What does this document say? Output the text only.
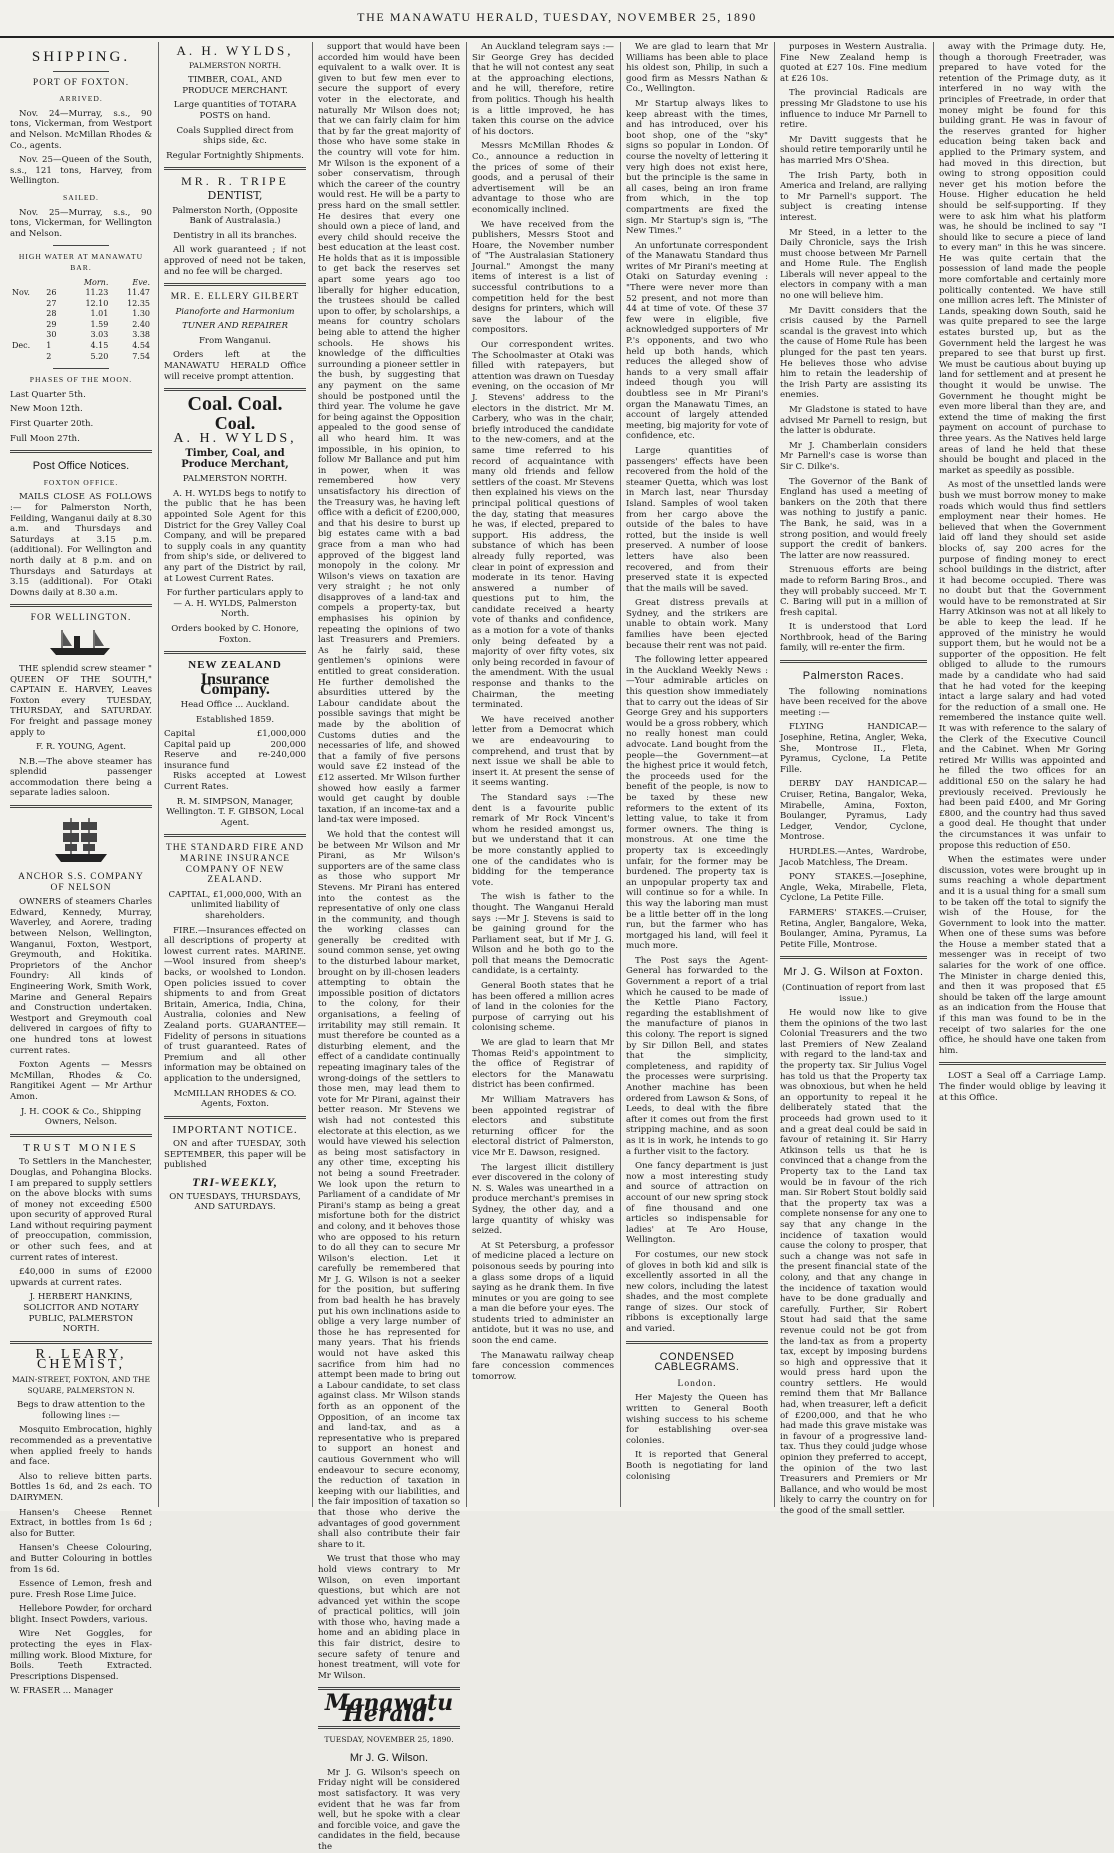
THE MANAWATU HERALD, TUESDAY, NOVEMBER 25, 1890
SHIPPING.
PORT OF FOXTON.
ARRIVED.

Nov. 24—Murray, s.s., 90 tons, Vickerman, from Westport and Nelson. McMillan Rhodes & Co., agents.

Nov. 25—Queen of the South, s.s., 121 tons, Harvey, from Wellington.

SAILED.

Nov. 25—Murray, s.s., 90 tons, Vickerman, for Wellington and Nelson.

HIGH WATER AT MANAWATU BAR.
		Morn.	Eve.
Nov.	26	11.23	11.47
	27	12.10	12.35
	28	1.01	1.30
	29	1.59	2.40
	30	3.03	3.38
Dec.	1	4.15	4.54
	2	5.20	7.54
PHASES OF THE MOON.

Last Quarter 5th.

New Moon 12th.

First Quarter 20th.

Full Moon 27th.

Post Office Notices.
FOXTON OFFICE.

MAILS CLOSE AS FOLLOWS :— for Palmerston North, Feilding, Wanganui daily at 8.30 a.m. and Thursdays and Saturdays at 3.15 p.m. (additional). For Wellington and north daily at 8 p.m. and on Thursdays and Saturdays at 3.15 (additional). For Otaki Downs daily at 8.30 a.m.

FOR WELLINGTON.

THE splendid screw steamer " QUEEN OF THE SOUTH," CAPTAIN E. HARVEY, Leaves Foxton every TUESDAY, THURSDAY, and SATURDAY. For freight and passage money apply to

F. R. YOUNG, Agent.

N.B.—The above steamer has splendid passenger accommodation there being a separate ladies saloon.

ANCHOR S.S. COMPANY OF NELSON

OWNERS of steamers Charles Edward, Kennedy, Murray, Waverley, and Aorere, trading between Nelson, Wellington, Wanganui, Foxton, Westport, Greymouth, and Hokitika. Proprietors of the Anchor Foundry: All kinds of Engineering Work, Smith Work, Marine and General Repairs and Construction undertaken. Westport and Greymouth coal delivered in cargoes of fifty to one hundred tons at lowest current rates.

Foxton Agents — Messrs McMillan, Rhodes & Co. Rangitikei Agent — Mr Arthur Amon.

J. H. COOK & Co., Shipping Owners, Nelson.

TRUST MONIES

To Settlers in the Manchester, Douglas, and Pohangina Blocks. I am prepared to supply settlers on the above blocks with sums of money not exceeding £500 upon security of approved Rural Land without requiring payment of preoccupation, commission, or other such fees, and at current rates of interest.

£40,000 in sums of £2000 upwards at current rates.

J. HERBERT HANKINS, SOLICITOR AND NOTARY PUBLIC, PALMERSTON NORTH.

R. LEARY, CHEMIST,

MAIN-STREET, FOXTON, AND THE SQUARE, PALMERSTON N.

Begs to draw attention to the following lines :—

Mosquito Embrocation, highly recommended as a preventative when applied freely to hands and face.

Also to relieve bitten parts. Bottles 1s 6d, and 2s each. TO DAIRYMEN.

Hansen's Cheese Rennet Extract, in bottles from 1s 6d ; also for Butter.

Hansen's Cheese Colouring, and Butter Colouring in bottles from 1s 6d.

Essence of Lemon, fresh and pure. Fresh Rose Lime Juice.

Hellebore Powder, for orchard blight. Insect Powders, various.

Wire Net Goggles, for protecting the eyes in Flax-milling work. Blood Mixture, for Boils. Teeth Extracted. Prescriptions Dispensed.

W. FRASER ... Manager

A. H. WYLDS,

PALMERSTON NORTH.

TIMBER, COAL, AND PRODUCE MERCHANT.

Large quantities of TOTARA POSTS on hand.

Coals Supplied direct from ships side, &c.

Regular Fortnightly Shipments.

MR. R. TRIPE

DENTIST,

Palmerston North, (Opposite Bank of Australasia.)

Dentistry in all its branches.

All work guaranteed ; if not approved of need not be taken, and no fee will be charged.

MR. E. ELLERY GILBERT

Pianoforte and Harmonium

TUNER AND REPAIRER

From Wanganui.

Orders left at the MANAWATU HERALD Office will receive prompt attention.

Coal. Coal.
Coal.
A. H. WYLDS,

Timber, Coal, and Produce Merchant,

PALMERSTON NORTH.

A. H. WYLDS begs to notify to the public that he has been appointed Sole Agent for this District for the Grey Valley Coal Company, and will be prepared to supply coals in any quantity from ship's side, or delivered to any part of the District by rail, at Lowest Current Rates.

For further particulars apply to— A. H. WYLDS, Palmerston North.

Orders booked by C. Honore, Foxton.

NEW ZEALAND
Insurance Company.

Head Office ... Auckland.

Established 1859.

Capital	£1,000,000
Capital paid up	200,000
Reserve and re-insurance fund
240,000

Risks accepted at Lowest Current Rates.

R. M. SIMPSON, Manager, Wellington. T. F. GIBSON, Local Agent.

THE STANDARD FIRE AND MARINE INSURANCE COMPANY OF NEW ZEALAND.

CAPITAL, £1,000,000, With an unlimited liability of shareholders.

FIRE.—Insurances effected on all descriptions of property at lowest current rates. MARINE.—Wool insured from sheep's backs, or woolshed to London. Open policies issued to cover shipments to and from Great Britain, America, India, China, Australia, colonies and New Zealand ports. GUARANTEE—Fidelity of persons in situations of trust guaranteed. Rates of Premium and all other information may be obtained on application to the undersigned,

McMILLAN RHODES & CO. Agents, Foxton.

IMPORTANT NOTICE.

ON and after TUESDAY, 30th SEPTEMBER, this paper will be published

TRI-WEEKLY,

ON TUESDAYS, THURSDAYS, AND SATURDAYS.

support that would have been accorded him would have been equivalent to a walk over. It is given to but few men ever to secure the support of every voter in the electorate, and naturally Mr Wilson does not; that we can fairly claim for him that by far the great majority of those who have some stake in the country will vote for him. Mr Wilson is the exponent of a sober conservatism, through which the career of the country would rest. He will be a party to press hard on the small settler. He desires that every one should own a piece of land, and every child should receive the best education at the least cost. He holds that as it is impossible to get back the reserves set apart some years ago too liberally for higher education, the trustees should be called upon to offer, by scholarships, a means for country scholars being able to attend the higher schools. He shows his knowledge of the difficulties surrounding a pioneer settler in the bush, by suggesting that any payment on the same should be postponed until the third year. The volume he gave for being against the Opposition appealed to the good sense of all who heard him. It was impossible, in his opinion, to follow Mr Ballance and put him in power, when it was remembered how very unsatisfactory his direction of the Treasury was, he having left office with a deficit of £200,000, and that his desire to burst up big estates came with a bad grace from a man who had approved of the biggest land monopoly in the colony. Mr Wilson's views on taxation are very straight ; he not only disapproves of a land-tax and compels a property-tax, but emphasises his opinion by repeating the opinions of two last Treasurers and Premiers. As he fairly said, these gentlemen's opinions were entitled to great consideration. He further demolished the absurdities uttered by the Labour candidate about the possible savings that might be made by the abolition of Customs duties and the necessaries of life, and showed that a family of five persons would save £2 instead of the £12 asserted. Mr Wilson further showed how easily a farmer would get caught by double taxation, if an income-tax and a land-tax were imposed.

We hold that the contest will be between Mr Wilson and Mr Pirani, as Mr Wilson's supporters are of the same class as those who support Mr Stevens. Mr Pirani has entered into the contest as the representative of only one class in the community, and though the working classes can generally be credited with sound common sense, yet owing to the disturbed labour market, brought on by ill-chosen leaders attempting to obtain the impossible position of dictators to the colony, for their organisations, a feeling of irritability may still remain. It must therefore be counted as a disturbing element, and the effect of a candidate continually repeating imaginary tales of the wrong-doings of the settlers to those men, may lead them to vote for Mr Pirani, against their better reason. Mr Stevens we wish had not contested this electorate at this election, as we would have viewed his selection as being most satisfactory in any other time, excepting his not being a sound Freetrader. We look upon the return to Parliament of a candidate of Mr Pirani's stamp as being a great misfortune both for the district and colony, and it behoves those who are opposed to his return to do all they can to secure Mr Wilson's election. Let it carefully be remembered that Mr J. G. Wilson is not a seeker for the position, but suffering from bad health he has bravely put his own inclinations aside to oblige a very large number of those he has represented for many years. That his friends would not have asked this sacrifice from him had no attempt been made to bring out a Labour candidate, to set class against class. Mr Wilson stands forth as an opponent of the Opposition, of an income tax and land-tax, and as a representative who is prepared to support an honest and cautious Government who will endeavour to secure economy, the reduction of taxation in keeping with our liabilities, and the fair imposition of taxation so that those who derive the advantages of good government shall also contribute their fair share to it.

We trust that those who may hold views contrary to Mr Wilson, on even important questions, but which are not advanced yet within the scope of practical politics, will join with those who, having made a home and an abiding place in this fair district, desire to secure safety of tenure and honest treatment, will vote for Mr Wilson.

Manawatu Herald.

TUESDAY, NOVEMBER 25, 1890.

Mr J. G. Wilson.

Mr J. G. Wilson's speech on Friday night will be considered most satisfactory. It was very evident that he was far from well, but he spoke with a clear and forcible voice, and gave the candidates in the field, because the

An Auckland telegram says :—Sir George Grey has decided that he will not contest any seat at the approaching elections, and he will, therefore, retire from politics. Though his health is a little improved, he has taken this course on the advice of his doctors.

Messrs McMillan Rhodes & Co., announce a reduction in the prices of some of their goods, and a perusal of their advertisement will be an advantage to those who are economically inclined.

We have received from the publishers, Messrs Stoot and Hoare, the November number of "The Australasian Stationery Journal." Amongst the many items of interest is a list of successful contributions to a competition held for the best designs for printers, which will save the labour of the compositors.

Our correspondent writes. The Schoolmaster at Otaki was filled with ratepayers, but attention was drawn on Tuesday evening, on the occasion of Mr J. Stevens' address to the electors in the district. Mr M. Carbery, who was in the chair, briefly introduced the candidate to the new-comers, and at the same time referred to his record of acquaintance with many old friends and fellow settlers of the coast. Mr Stevens then explained his views on the principal political questions of the day, stating that measures he was, if elected, prepared to support. His address, the substance of which has been already fully reported, was clear in point of expression and moderate in its tenor. Having answered a number of questions put to him, the candidate received a hearty vote of thanks and confidence, as a motion for a vote of thanks only being defeated by a majority of over fifty votes, six only being recorded in favour of the amendment. With the usual response and thanks to the Chairman, the meeting terminated.

We have received another letter from a Democrat which we are endeavouring to comprehend, and trust that by next issue we shall be able to insert it. At present the sense of it seems wanting.

The Standard says :—The dent is a favourite public remark of Mr Rock Vincent's whom he resided amongst us, but we understand that it can be more constantly applied to one of the candidates who is bidding for the temperance vote.

The wish is father to the thought. The Wanganui Herald says :—Mr J. Stevens is said to be gaining ground for the Parliament seat, but if Mr J. G. Wilson and he both go to the poll that means the Democratic candidate, is a certainty.

General Booth states that he has been offered a million acres of land in the colonies for the purpose of carrying out his colonising scheme.

We are glad to learn that Mr Thomas Reid's appointment to the office of Registrar of electors for the Manawatu district has been confirmed.

Mr William Matravers has been appointed registrar of electors and substitute returning officer for the electoral district of Palmerston, vice Mr E. Dawson, resigned.

The largest illicit distillery ever discovered in the colony of N. S. Wales was unearthed in a produce merchant's premises in Sydney, the other day, and a large quantity of whisky was seized.

At St Petersburg, a professor of medicine placed a lecture on poisonous seeds by pouring into a glass some drops of a liquid saying as he drank them. In five minutes or you are going to see a man die before your eyes. The students tried to administer an antidote, but it was no use, and soon the end came.

The Manawatu railway cheap fare concession commences tomorrow.

We are glad to learn that Mr Williams has been able to place his oldest son, Philip, in such a good firm as Messrs Nathan & Co., Wellington.

Mr Startup always likes to keep abreast with the times, and has introduced, over his boot shop, one of the "sky" signs so popular in London. Of course the novelty of lettering it very high does not exist here, but the principle is the same in all cases, being an iron frame from which, in the top compartments are fixed the sign. Mr Startup's sign is, "The New Times."

An unfortunate correspondent of the Manawatu Standard thus writes of Mr Pirani's meeting at Otaki on Saturday evening : "There were never more than 52 present, and not more than 44 at time of vote. Of these 37 few were in eligible, five acknowledged supporters of Mr P.'s opponents, and two who held up both hands, which reduces the alleged show of hands to a very small affair indeed though you will doubtless see in Mr Pirani's organ the Manawatu Times, an account of largely attended meeting, big majority for vote of confidence, etc.

Large quantities of passengers' effects have been recovered from the hold of the steamer Quetta, which was lost in March last, near Thursday Island. Samples of wool taken from her cargo above the outside of the bales to have rotted, but the inside is well preserved. A number of loose letters have also been recovered, and from their preserved state it is expected that the mails will be saved.

Great distress prevails at Sydney, and the strikers are unable to obtain work. Many families have been ejected because their rent was not paid.

The following letter appeared in the Auckland Weekly News :—Your admirable articles on this question show immediately that to carry out the ideas of Sir George Grey and his supporters would be a gross robbery, which no really honest man could advocate. Land bought from the people—the Government—at the highest price it would fetch, the proceeds used for the benefit of the people, is now to be taxed by these new reformers to the extent of its letting value, to take it from former owners. The thing is monstrous. At one time the property tax is exceedingly unfair, for the former may be burdened. The property tax is an unpopular property tax and will continue so for a while. In this way the laboring man must be a little better off in the long run, but the farmer who has mortgaged his land, will feel it much more.

The Post says the Agent-General has forwarded to the Government a report of a trial which he caused to be made of the Kettle Piano Factory, regarding the establishment of the manufacture of pianos in this colony. The report is signed by Sir Dillon Bell, and states that the simplicity, completeness, and rapidity of the processes were surprising. Another machine has been ordered from Lawson & Sons, of Leeds, to deal with the fibre after it comes out from the first stripping machine, and as soon as it is in work, he intends to go a further visit to the factory.

One fancy department is just now a most interesting study and source of attraction on account of our new spring stock of fine thousand and one articles so indispensable for ladies' at Te Aro House, Wellington.

For costumes, our new stock of gloves in both kid and silk is excellently assorted in all the new colors, including the latest shades, and the most complete range of sizes. Our stock of ribbons is exceptionally large and varied.

CONDENSED CABLEGRAMS.
London.

Her Majesty the Queen has written to General Booth wishing success to his scheme for establishing over-sea colonies.

It is reported that General Booth is negotiating for land colonising

purposes in Western Australia. Fine New Zealand hemp is quoted at £27 10s. Fine medium at £26 10s.

The provincial Radicals are pressing Mr Gladstone to use his influence to induce Mr Parnell to retire.

Mr Davitt suggests that he should retire temporarily until he has married Mrs O'Shea.

The Irish Party, both in America and Ireland, are rallying to Mr Parnell's support. The subject is creating intense interest.

Mr Steed, in a letter to the Daily Chronicle, says the Irish must choose between Mr Parnell and Home Rule. The English Liberals will never appeal to the electors in company with a man no one will believe him.

Mr Davitt considers that the crisis caused by the Parnell scandal is the gravest into which the cause of Home Rule has been plunged for the past ten years. He believes those who advise him to retain the leadership of the Irish Party are assisting its enemies.

Mr Gladstone is stated to have advised Mr Parnell to resign, but the latter is obdurate.

Mr J. Chamberlain considers Mr Parnell's case is worse than Sir C. Dilke's.

The Governor of the Bank of England has used a meeting of bankers on the 20th that there was nothing to justify a panic. The Bank, he said, was in a strong position, and would freely support the credit of bankers. The latter are now reassured.

Strenuous efforts are being made to reform Baring Bros., and they will probably succeed. Mr T. C. Baring will put in a million of fresh capital.

It is understood that Lord Northbrook, head of the Baring family, will re-enter the firm.

Palmerston Races.

The following nominations have been received for the above meeting :—

FLYING HANDICAP.—Josephine, Retina, Angler, Weka, She, Montrose II., Fleta, Pyramus, Cyclone, La Petite Fille.

DERBY DAY HANDICAP.—Cruiser, Retina, Bangalor, Weka, Mirabelle, Amina, Foxton, Boulanger, Pyramus, Lady Ledger, Vendor, Cyclone, Montrose.

HURDLES.—Antes, Wardrobe, Jacob Matchless, The Dream.

PONY STAKES.—Josephine, Angle, Weka, Mirabelle, Fleta, Cyclone, La Petite Fille.

FARMERS' STAKES.—Cruiser, Retina, Angler, Bangalore, Weka, Boulanger, Amina, Pyramus, La Petite Fille, Montrose.

Mr J. G. Wilson at Foxton.

(Continuation of report from last issue.)

He would now like to give them the opinions of the two last Colonial Treasurers and the two last Premiers of New Zealand with regard to the land-tax and the property tax. Sir Julius Vogel has told us that the Property tax was obnoxious, but when he held an opportunity to repeal it he deliberately stated that the proceeds had grown used to it and a great deal could be said in favour of retaining it. Sir Harry Atkinson tells us that he is convinced that a change from the Property tax to the Land tax would be in favour of the rich man. Sir Robert Stout boldly said that the property tax was a complete nonsense for any one to say that any change in the incidence of taxation would cause the colony to prosper, that such a change was not safe in the present financial state of the colony, and that any change in the incidence of taxation would have to be done gradually and carefully. Further, Sir Robert Stout had said that the same revenue could not be got from the land-tax as from a property tax, except by imposing burdens so high and oppressive that it would press hard upon the country settlers. He would remind them that Mr Ballance had, when treasurer, left a deficit of £200,000, and that he who had made this grave mistake was in favour of a progressive land-tax. Thus they could judge whose opinion they preferred to accept, the opinion of the two last Treasurers and Premiers or Mr Ballance, and who would be most likely to carry the country on for the good of the small settler.

away with the Primage duty. He, though a thorough Freetrader, was prepared to have voted for the retention of the Primage duty, as it interfered in no way with the principles of Freetrade, in order that money might be found for this building grant. He was in favour of the reserves granted for higher education being taken back and applied to the Primary system, and had moved in this direction, but owing to strong opposition could never get his motion before the House. Higher education he held should be self-supporting. If they were to ask him what his platform was, he should be inclined to say "I should like to secure a piece of land to every man" in this he was sincere. He was quite certain that the possession of land made the people more comfortable and certainly more politically contented. We have still one million acres left. The Minister of Lands, speaking down South, said he was quite prepared to see the large estates bursted up, but as the Government held the largest he was prepared to see that burst up first. We must be cautious about buying up land for settlement and at present he thought it would be unwise. The Government he thought might be even more liberal than they are, and extend the time of making the first payment on account of purchase to three years. As the Natives held large areas of land he held that these should be bought and placed in the market as speedily as possible.

As most of the unsettled lands were bush we must borrow money to make roads which would thus find settlers employment near their homes. He believed that when the Government laid off land they should set aside blocks of, say 200 acres for the purpose of finding money to erect school buildings in the district, after it had become occupied. There was no doubt but that the Government would have to be remonstrated at Sir Harry Atkinson was not at all likely to be able to keep the lead. If he approved of the ministry he would support them, but he would not be a supporter of the opposition. He felt obliged to allude to the rumours made by a candidate who had said that he had voted for the keeping intact a large salary and had voted for the reduction of a small one. He remembered the instance quite well. It was with reference to the salary of the Clerk of the Executive Council and the Cabinet. When Mr Goring retired Mr Willis was appointed and he filled the two offices for an additional £50 on the salary he had previously received. Previously he had been paid £400, and Mr Goring £800, and the country had thus saved a good deal. He thought that under the circumstances it was unfair to propose this reduction of £50.

When the estimates were under discussion, votes were brought up in sums reaching a whole department and it is a usual thing for a small sum to be taken off the total to signify the wish of the House, for the Government to look into the matter. When one of these sums was before the House a member stated that a messenger was in receipt of two salaries for the work of one office. The Minister in charge denied this, and then it was proposed that £5 should be taken off the large amount as an indication from the House that if this man was found to be in the receipt of two salaries for the one office, he should have one taken from him.

LOST a Seal off a Carriage Lamp. The finder would oblige by leaving it at this Office.
